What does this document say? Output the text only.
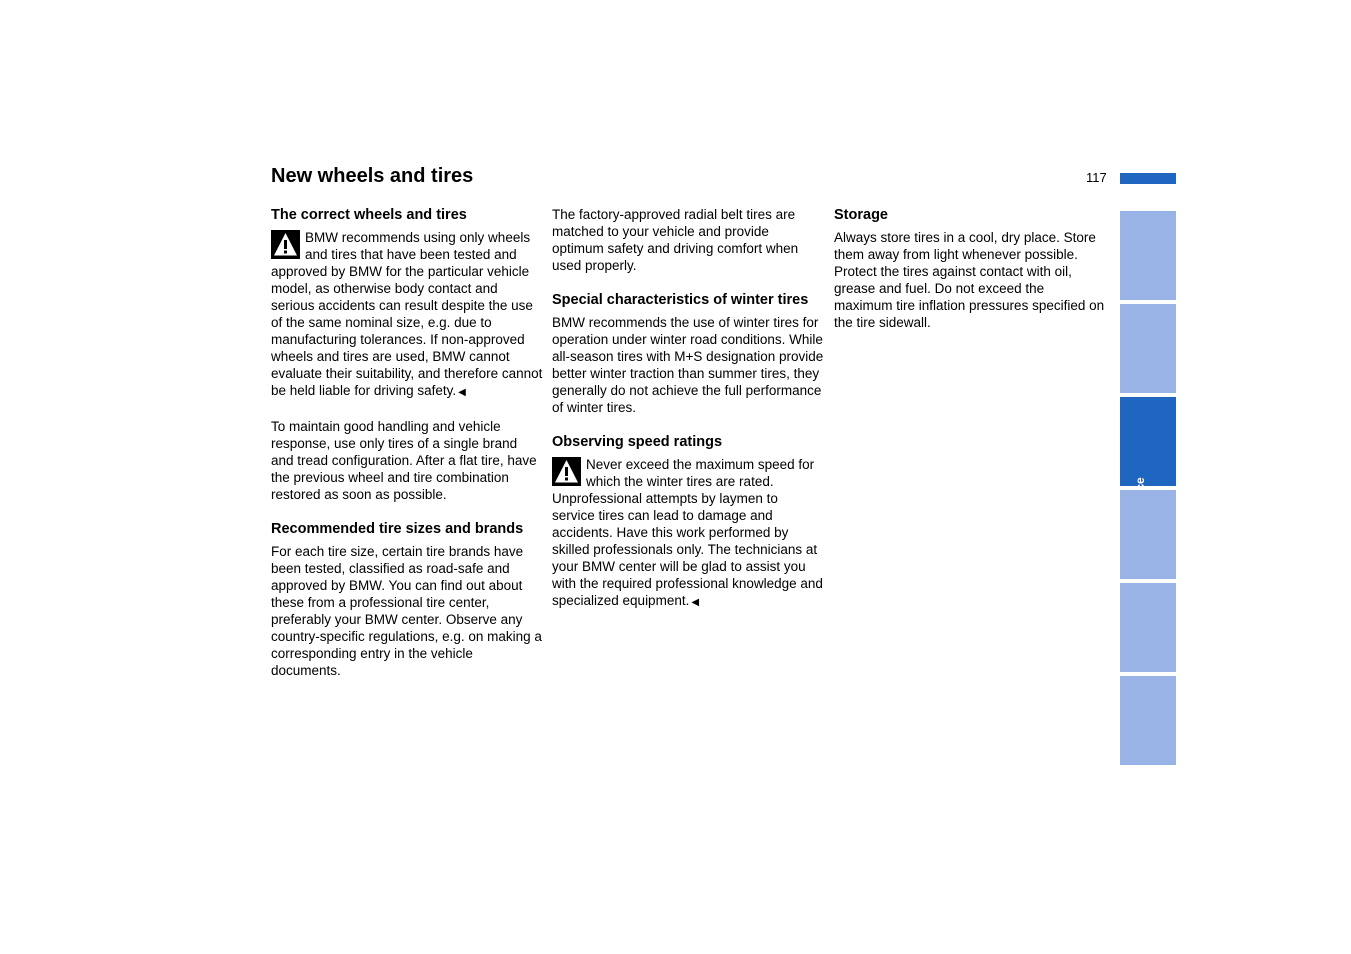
New wheels and tires	117
The correct wheels and tires
BMW recommends using only wheels and tires that have been tested and approved by BMW for the particular vehicle model, as otherwise body contact and serious accidents can result despite the use of the same nominal size, e.g. due to manufacturing tolerances. If non-approved wheels and tires are used, BMW cannot evaluate their suitability, and therefore cannot be held liable for driving safety. ◀

To maintain good handling and vehicle response, use only tires of a single brand and tread configuration. After a flat tire, have the previous wheel and tire combination restored as soon as possible.

Recommended tire sizes and brands

For each tire size, certain tire brands have been tested, classified as road-safe and approved by BMW. You can find out about these from a professional tire center, preferably your BMW center. Observe any country-specific regulations, e.g. on making a corresponding entry in the vehicle documents.

The factory-approved radial belt tires are matched to your vehicle and provide optimum safety and driving comfort when used properly.

Special characteristics of winter tires

BMW recommends the use of winter tires for operation under winter road conditions. While all-season tires with M+S designation provide better winter traction than summer tires, they generally do not achieve the full performance of winter tires.

Observing speed ratings
Never exceed the maximum speed for which the winter tires are rated. Unprofessional attempts by laymen to service tires can lead to damage and accidents. Have this work performed by skilled professionals only. The technicians at your BMW center will be glad to assist you with the required professional knowledge and specialized equipment. ◀
Storage

Always store tires in a cool, dry place. Store them away from light whenever possible. Protect the tires against contact with oil, grease and fuel. Do not exceed the maximum tire inflation pressures specified on the tire sidewall.

Index
